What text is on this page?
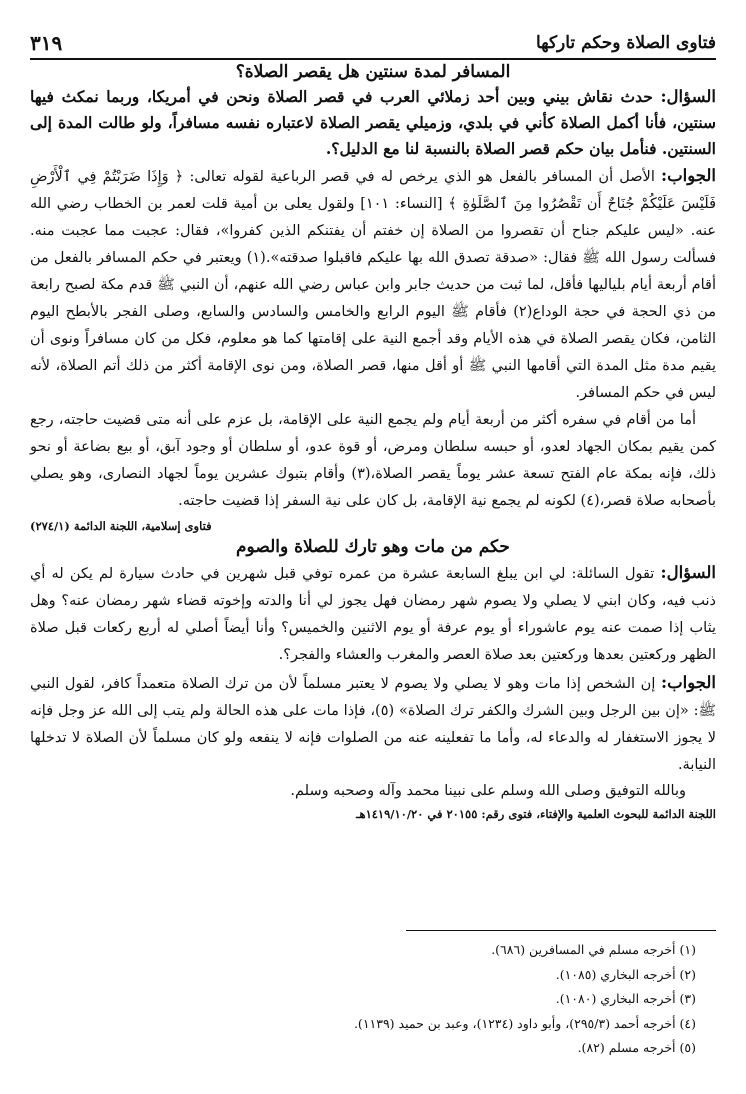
فتاوى الصلاة وحكم تاركها
٣١٩
المسافر لمدة سنتين هل يقصر الصلاة؟

السؤال: حدث نقاش بيني وبين أحد زملائي العرب في قصر الصلاة ونحن في أمريكا، وربما نمكث فيها سنتين، فأنا أكمل الصلاة كأني في بلدي، وزميلي يقصر الصلاة لاعتباره نفسه مسافراً، ولو طالت المدة إلى السنتين. فنأمل بيان حكم قصر الصلاة بالنسبة لنا مع الدليل؟.

الجواب: الأصل أن المسافر بالفعل هو الذي يرخص له في قصر الرباعية لقوله تعالى: ﴿ وَإِذَا ضَرَبْتُمْ فِي ٱلْأَرْضِ فَلَيْسَ عَلَيْكُمْ جُنَاحٌ أَن تَقْصُرُوا مِنَ ٱلصَّلَوٰةِ ﴾ [النساء: ١٠١] ولقول يعلى بن أمية قلت لعمر بن الخطاب رضي الله عنه. «ليس عليكم جناح أن تقصروا من الصلاة إن خفتم أن يفتنكم الذين كفروا»، فقال: عجبت مما عجبت منه. فسألت رسول الله ﷺ فقال: «صدقة تصدق الله بها عليكم فاقبلوا صدقته».(١) ويعتبر في حكم المسافر بالفعل من أقام أربعة أيام بلياليها فأقل، لما ثبت من حديث جابر وابن عباس رضي الله عنهم، أن النبي ﷺ قدم مكة لصبح رابعة من ذي الحجة في حجة الوداع(٢) فأقام ﷺ اليوم الرابع والخامس والسادس والسابع، وصلى الفجر بالأبطح اليوم الثامن، فكان يقصر الصلاة في هذه الأيام وقد أجمع النية على إقامتها كما هو معلوم، فكل من كان مسافراً ونوى أن يقيم مدة مثل المدة التي أقامها النبي ﷺ أو أقل منها، قصر الصلاة، ومن نوى الإقامة أكثر من ذلك أتم الصلاة، لأنه ليس في حكم المسافر.

أما من أقام في سفره أكثر من أربعة أيام ولم يجمع النية على الإقامة، بل عزم على أنه متى قضيت حاجته، رجع كمن يقيم بمكان الجهاد لعدو، أو حبسه سلطان ومرض، أو قوة عدو، أو سلطان أو وجود آبق، أو بيع بضاعة أو نحو ذلك، فإنه بمكة عام الفتح تسعة عشر يوماً يقصر الصلاة،(٣) وأقام بتبوك عشرين يوماً لجهاد النصارى، وهو يصلي بأصحابه صلاة قصر،(٤) لكونه لم يجمع نية الإقامة، بل كان على نية السفر إذا قضيت حاجته.

فتاوى إسلامية، اللجنة الدائمة (٢٧٤/١)
حكم من مات وهو تارك للصلاة والصوم

السؤال: تقول السائلة: لي ابن يبلغ السابعة عشرة من عمره توفي قبل شهرين في حادث سيارة لم يكن له أي ذنب فيه، وكان ابني لا يصلي ولا يصوم شهر رمضان فهل يجوز لي أنا والدته وإخوته قضاء شهر رمضان عنه؟ وهل يثاب إذا صمت عنه يوم عاشوراء أو يوم عرفة أو يوم الاثنين والخميس؟ وأنا أيضاً أصلي له أربع ركعات قبل صلاة الظهر وركعتين بعدها وركعتين بعد صلاة العصر والمغرب والعشاء والفجر؟.

الجواب: إن الشخص إذا مات وهو لا يصلي ولا يصوم لا يعتبر مسلماً لأن من ترك الصلاة متعمداً كافر، لقول النبي ﷺ: «إن بين الرجل وبين الشرك والكفر ترك الصلاة» (٥)، فإذا مات على هذه الحالة ولم يتب إلى الله عز وجل فإنه لا يجوز الاستغفار له والدعاء له، وأما ما تفعلينه عنه من الصلوات فإنه لا ينفعه ولو كان مسلماً لأن الصلاة لا تدخلها النيابة.

وبالله التوفيق وصلى الله وسلم على نبينا محمد وآله وصحبه وسلم.

اللجنة الدائمة للبحوث العلمية والإفتاء، فتوى رقم: ٢٠١٥٥ في ١٤١٩/١٠/٢٠هـ
(١) أخرجه مسلم في المسافرين (٦٨٦).
(٢) أخرجه البخاري (١٠٨٥).
(٣) أخرجه البخاري (١٠٨٠).
(٤) أخرجه أحمد (٢٩٥/٣)، وأبو داود (١٢٣٤)، وعبد بن حميد (١١٣٩).
(٥) أخرجه مسلم (٨٢).
